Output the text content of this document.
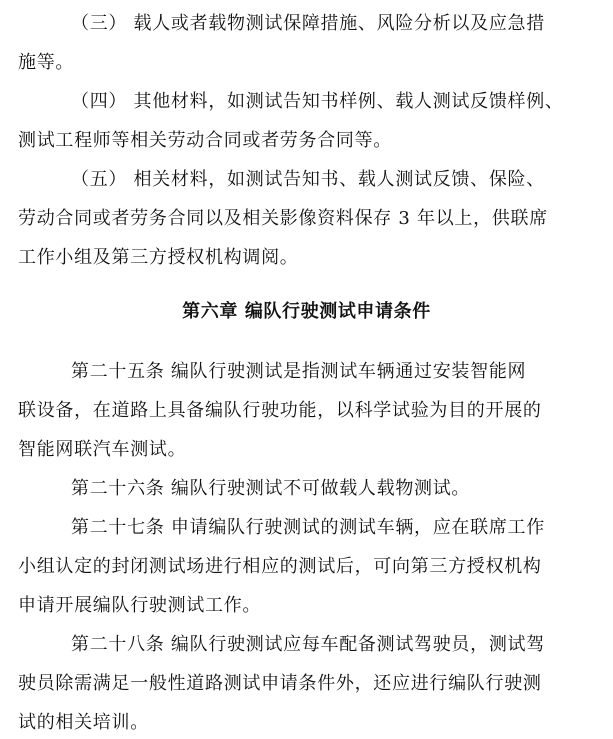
（三） 载人或者载物测试保障措施、风险分析以及应急措
施等。
（四） 其他材料，如测试告知书样例、载人测试反馈样例、
测试工程师等相关劳动合同或者劳务合同等。
（五） 相关材料，如测试告知书、载人测试反馈、保险、
劳动合同或者劳务合同以及相关影像资料保存 3 年以上，供联席
工作小组及第三方授权机构调阅。
第六章 编队行驶测试申请条件
第二十五条 编队行驶测试是指测试车辆通过安装智能网
联设备，在道路上具备编队行驶功能，以科学试验为目的开展的
智能网联汽车测试。
第二十六条 编队行驶测试不可做载人载物测试。
第二十七条 申请编队行驶测试的测试车辆，应在联席工作
小组认定的封闭测试场进行相应的测试后，可向第三方授权机构
申请开展编队行驶测试工作。
第二十八条 编队行驶测试应每车配备测试驾驶员，测试驾
驶员除需满足一般性道路测试申请条件外，还应进行编队行驶测
试的相关培训。
